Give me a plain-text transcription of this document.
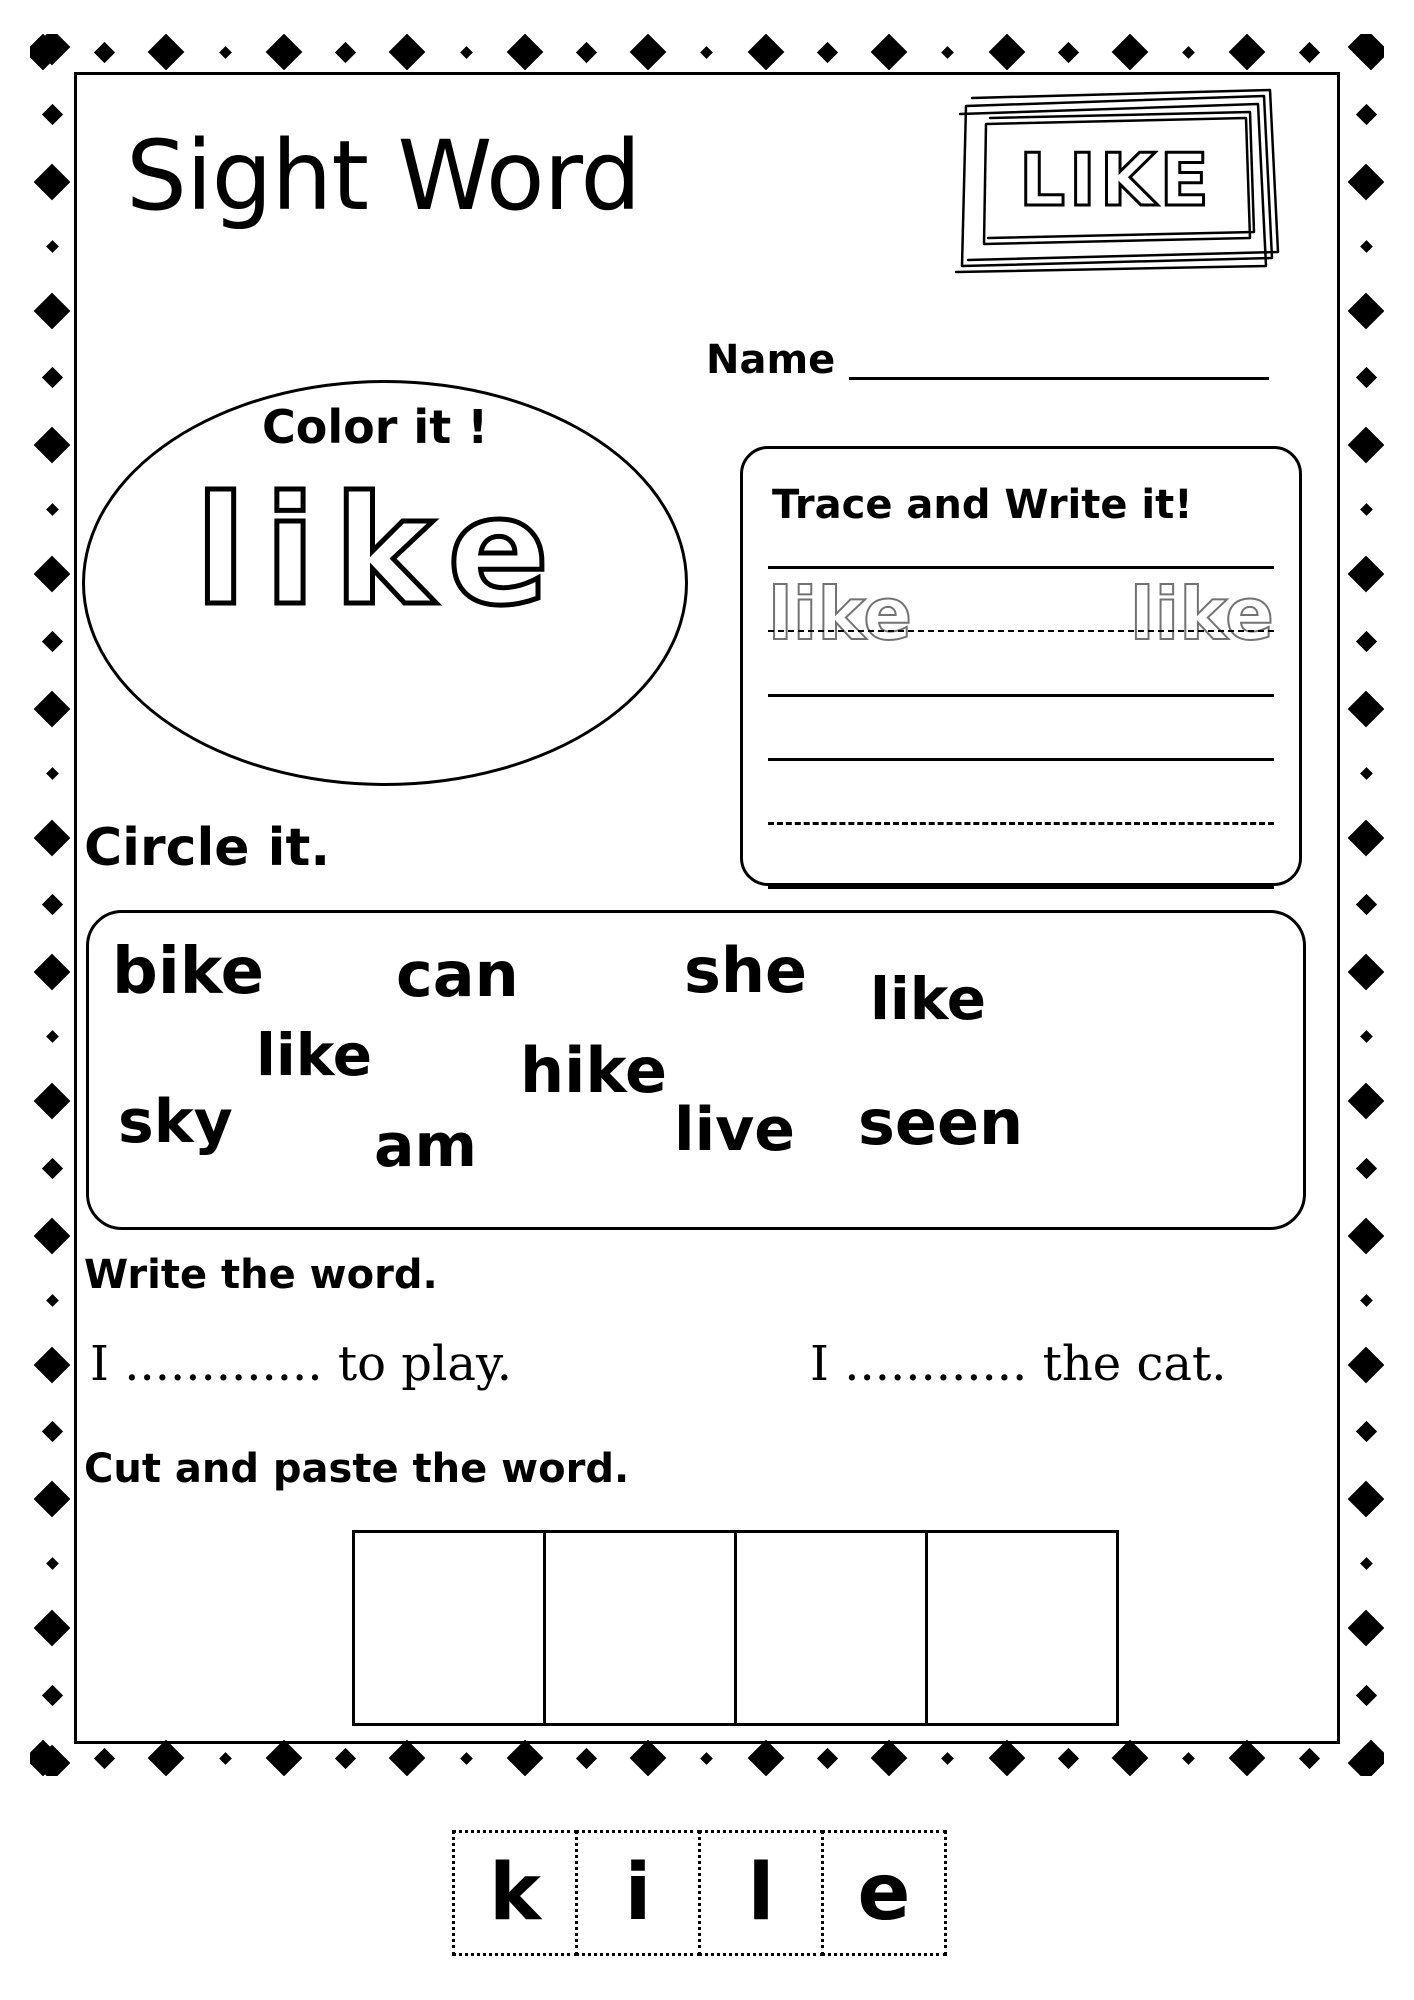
Sight Word	LIKE
Name
Color it !
like	Trace and Write it!
like	like
Circle it.
bike can	she like
like hike
sky am	live seen
Write the word.
I ............. to play.	I ............ the cat.
Cut and paste the word.
k	i	l	e
